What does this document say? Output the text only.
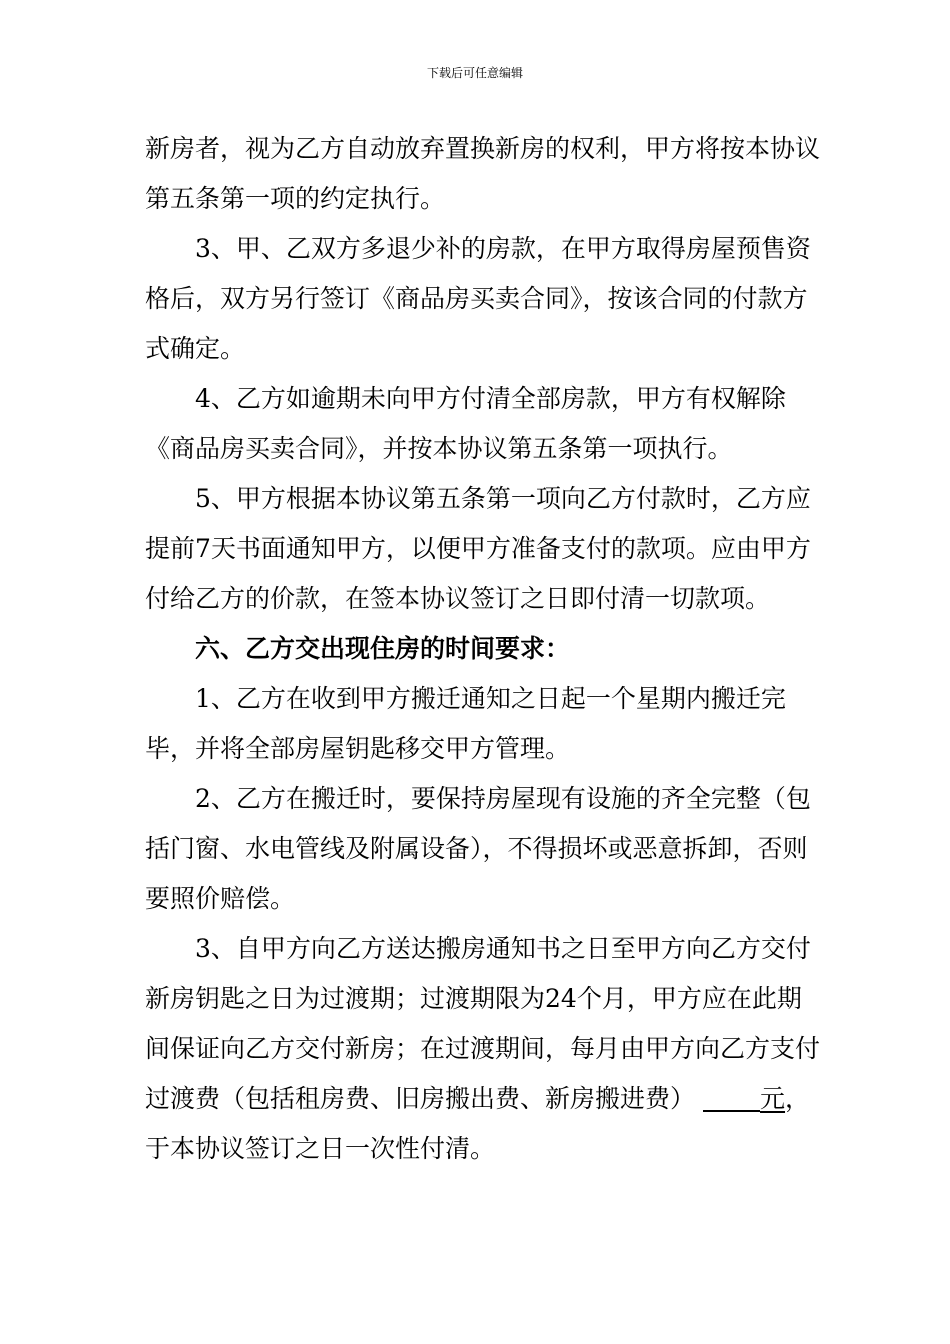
下载后可任意编辑

新房者，视为乙方自动放弃置换新房的权利，甲方将按本协议第五条第一项的约定执行。

3、甲、乙双方多退少补的房款，在甲方取得房屋预售资格后，双方另行签订《商品房买卖合同》，按该合同的付款方式确定。

4、乙方如逾期未向甲方付清全部房款，甲方有权解除《商品房买卖合同》，并按本协议第五条第一项执行。

5、甲方根据本协议第五条第一项向乙方付款时，乙方应提前7天书面通知甲方，以便甲方准备支付的款项。应由甲方付给乙方的价款，在签本协议签订之日即付清一切款项。

六、乙方交出现住房的时间要求：

1、乙方在收到甲方搬迁通知之日起一个星期内搬迁完毕，并将全部房屋钥匙移交甲方管理。

2、乙方在搬迁时，要保持房屋现有设施的齐全完整（包括门窗、水电管线及附属设备），不得损坏或恶意拆卸，否则要照价赔偿。

3、自甲方向乙方送达搬房通知书之日至甲方向乙方交付新房钥匙之日为过渡期；过渡期限为24个月，甲方应在此期间保证向乙方交付新房；在过渡期间，每月由甲方向乙方支付过渡费（包括租房费、旧房搬出费、新房搬进费）	元，于本协议签订之日一次性付清。
